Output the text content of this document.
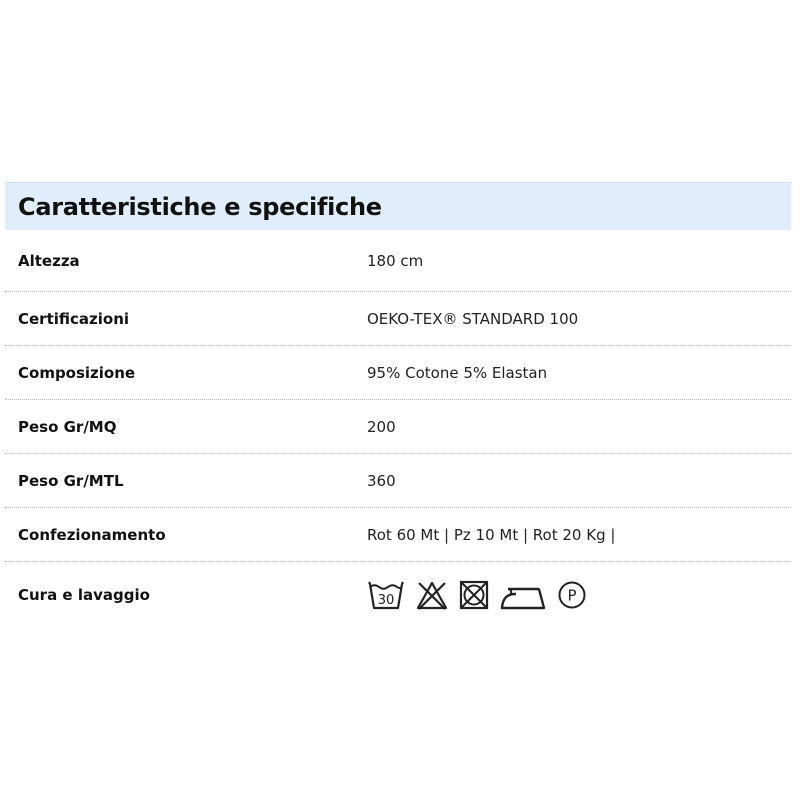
Caratteristiche e specifiche
Altezza	180 cm
Certificazioni	OEKO-TEX® STANDARD 100
Composizione	95% Cotone 5% Elastan
Peso Gr/MQ	200
Peso Gr/MTL	360
Confezionamento	Rot 60 Mt | Pz 10 Mt | Rot 20 Kg |
Cura e lavaggio	30	P
